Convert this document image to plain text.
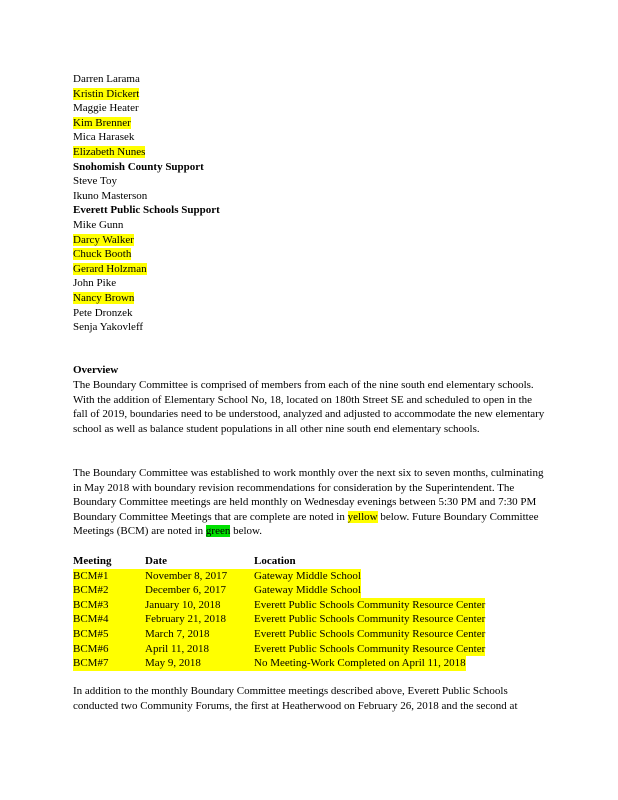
Darren Larama
Kristin Dickert
Maggie Heater
Kim Brenner
Mica Harasek
Elizabeth Nunes
Snohomish County Support
Steve Toy
Ikuno Masterson
Everett Public Schools Support
Mike Gunn
Darcy Walker
Chuck Booth
Gerard Holzman
John Pike
Nancy Brown
Pete Dronzek
Senja Yakovleff
Overview
The Boundary Committee is comprised of members from each of the nine south end elementary schools. With the addition of Elementary School No, 18, located on 180th Street SE and scheduled to open in the fall of 2019, boundaries need to be understood, analyzed and adjusted to accommodate the new elementary school as well as balance student populations in all other nine south end elementary schools.
The Boundary Committee was established to work monthly over the next six to seven months, culminating in May 2018 with boundary revision recommendations for consideration by the Superintendent. The Boundary Committee meetings are held monthly on Wednesday evenings between 5:30 PM and 7:30 PM Boundary Committee Meetings that are complete are noted in yellow below. Future Boundary Committee Meetings (BCM) are noted in green below.
Meeting	Date	Location
BCM#1	November 8, 2017 Gateway Middle School
BCM#2	December 6, 2017	Gateway Middle School
BCM#3	January 10, 2018	Everett Public Schools Community Resource Center
BCM#4	February 21, 2018	Everett Public Schools Community Resource Center
BCM#5	March 7, 2018	Everett Public Schools Community Resource Center
BCM#6	April 11, 2018	Everett Public Schools Community Resource Center
BCM#7	May 9, 2018	No Meeting-Work Completed on April 11, 2018
In addition to the monthly Boundary Committee meetings described above, Everett Public Schools conducted two Community Forums, the first at Heatherwood on February 26, 2018 and the second at
